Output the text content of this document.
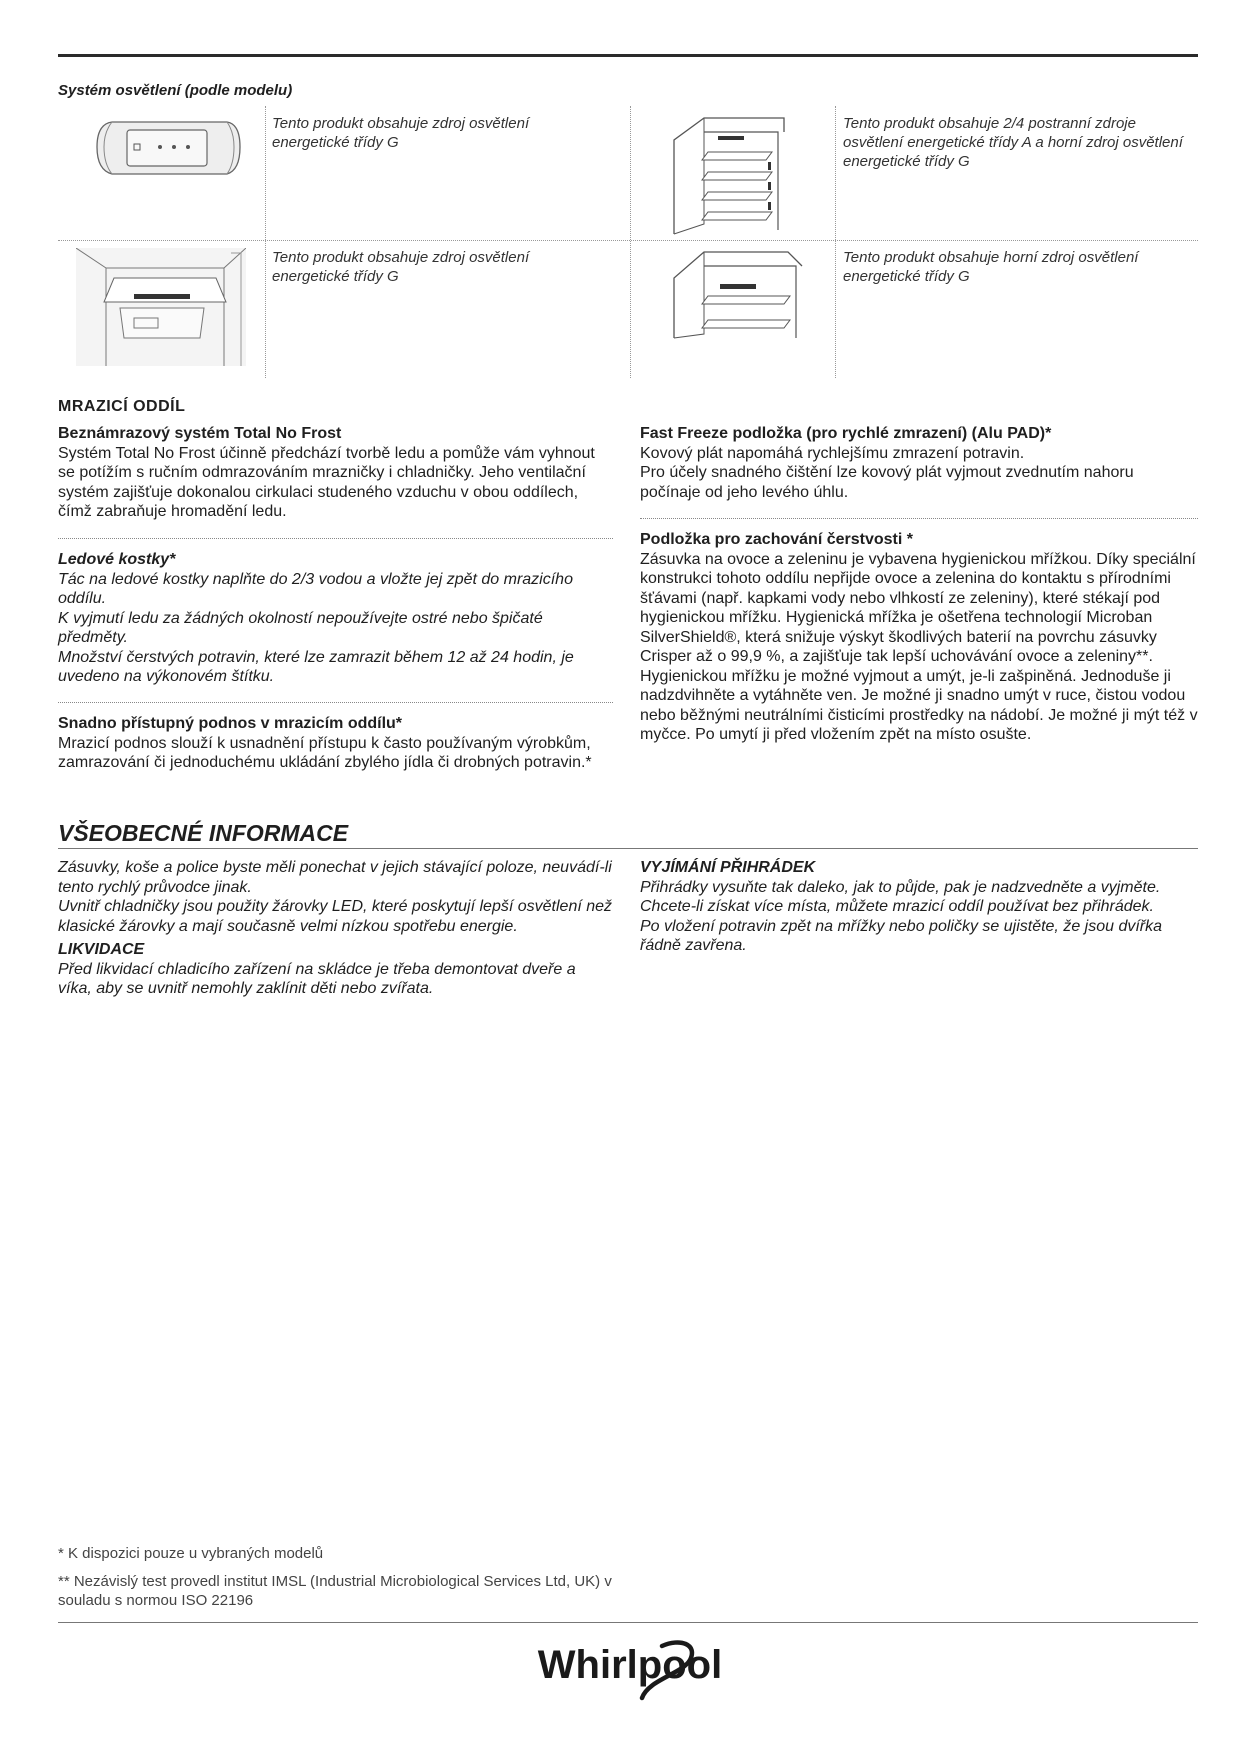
Systém osvětlení (podle modelu)
Tento produkt obsahuje zdroj osvětlení energetické třídy G
Tento produkt obsahuje 2/4 postranní zdroje osvětlení energetické třídy A a horní zdroj osvětlení energetické třídy G
Tento produkt obsahuje zdroj osvětlení energetické třídy G
Tento produkt obsahuje horní zdroj osvětlení energetické třídy G
MRAZICÍ ODDÍL
Beznámrazový systém Total No Frost
Systém Total No Frost účinně předchází tvorbě ledu a pomůže vám vyhnout se potížím s ručním odmrazováním mrazničky i chladničky. Jeho ventilační systém zajišťuje dokonalou cirkulaci studeného vzduchu v obou oddílech, čímž zabraňuje hromadění ledu.
Ledové kostky*
Tác na ledové kostky naplňte do 2/3 vodou a vložte jej zpět do mrazicího oddílu.
K vyjmutí ledu za žádných okolností nepoužívejte ostré nebo špičaté předměty.
Množství čerstvých potravin, které lze zamrazit během 12 až 24 hodin, je uvedeno na výkonovém štítku.
Snadno přístupný podnos v mrazicím oddílu*
Mrazicí podnos slouží k usnadnění přístupu k často používaným výrobkům, zamrazování či jednoduchému ukládání zbylého jídla či drobných potravin.*
Fast Freeze podložka (pro rychlé zmrazení) (Alu PAD)*
Kovový plát napomáhá rychlejšímu zmrazení potravin.
Pro účely snadného čištění lze kovový plát vyjmout zvednutím nahoru počínaje od jeho levého úhlu.
Podložka pro zachování čerstvosti *
Zásuvka na ovoce a zeleninu je vybavena hygienickou mřížkou. Díky speciální konstrukci tohoto oddílu nepřijde ovoce a zelenina do kontaktu s přírodními šťávami (např. kapkami vody nebo vlhkostí ze zeleniny), které stékají pod hygienickou mřížku. Hygienická mřížka je ošetřena technologií Microban SilverShield®, která snižuje výskyt škodlivých baterií na povrchu zásuvky Crisper až o 99,9 %, a zajišťuje tak lepší uchovávání ovoce a zeleniny**. Hygienickou mřížku je možné vyjmout a umýt, je-li zašpiněná. Jednoduše ji nadzdvihněte a vytáhněte ven. Je možné ji snadno umýt v ruce, čistou vodou nebo běžnými neutrálními čisticími prostředky na nádobí. Je možné ji mýt též v myčce. Po umytí ji před vložením zpět na místo osušte.
VŠEOBECNÉ INFORMACE
Zásuvky, koše a police byste měli ponechat v jejich stávající poloze, neuvádí-li tento rychlý průvodce jinak.
Uvnitř chladničky jsou použity žárovky LED, které poskytují lepší osvětlení než klasické žárovky a mají současně velmi nízkou spotřebu energie.
LIKVIDACE
Před likvidací chladicího zařízení na skládce je třeba demontovat dveře a víka, aby se uvnitř nemohly zaklínit děti nebo zvířata.
VYJÍMÁNÍ PŘIHRÁDEK
Přihrádky vysuňte tak daleko, jak to půjde, pak je nadzvedněte a vyjměte.
Chcete-li získat více místa, můžete mrazicí oddíl používat bez přihrádek.
Po vložení potravin zpět na mřížky nebo poličky se ujistěte, že jsou dvířka řádně zavřena.
* K dispozici pouze u vybraných modelů
** Nezávislý test provedl institut IMSL (Industrial Microbiological Services Ltd, UK) v souladu s normou ISO 22196
Whirlpool
